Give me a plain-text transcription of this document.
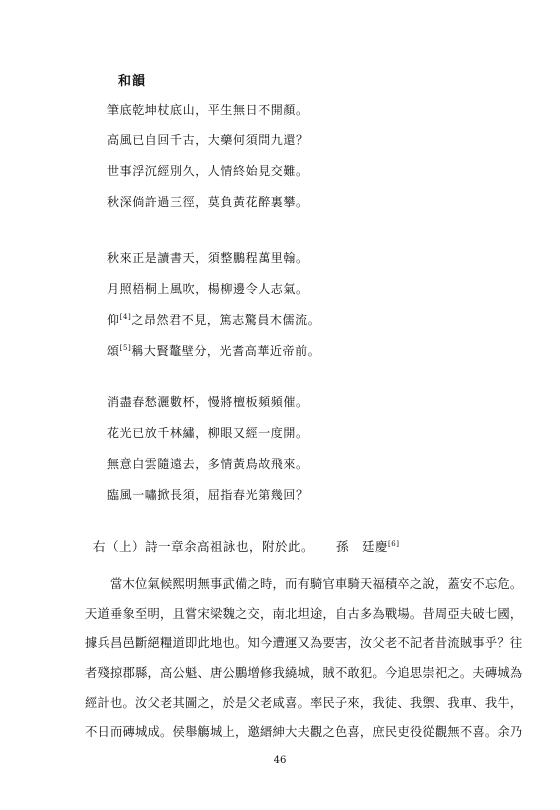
和韻
筆底乾坤杖底山，平生無日不開顏。
高風已自回千古，大藥何須問九還？
世事浮沉經別久，人情終始見交難。
秋深倘許過三徑，莫負黃花醉裏攀。
秋來正是讀書天，須整鵬程萬里翰。
月照梧桐上風吹，楊柳邊令人志氣。
仰[4]之昂然君不見，篤志驚員木儒流。
頌[5]稱大賢鼇壁分，光耆高華近帝前。
消盡春愁灑數杯，慢將檀板頻頻催。
花光已放千林繡，柳眼又經一度開。
無意白雲隨遠去，多情黃鳥故飛來。
臨風一嘯掀長須，屈指春光第幾回？
右（上）詩一章余高祖詠也，附於此。 孫　廷慶[6]
當木位氣候熙明無事武備之時，而有騎官車騎天福積卒之說，蓋安不忘危。
天道垂象至明，且嘗宋梁魏之交，南北坦途，自古多為戰場。昔周亞夫破七國，
據兵昌邑斷絕糧道即此地也。知今遭運又為要害，汝父老不記者昔流賊事乎？往
者殘掠郡縣，高公魁、唐公鵬增修我繞城，賊不敢犯。今追思崇祀之。夫磚城為
經計也。汝父老其圖之，於是父老咸喜。率民子來，我徒、我禦、我車、我牛，
不日而磚城成。侯舉觴城上，邀縉紳大夫觀之色喜，庶民吏役從觀無不喜。余乃
46
